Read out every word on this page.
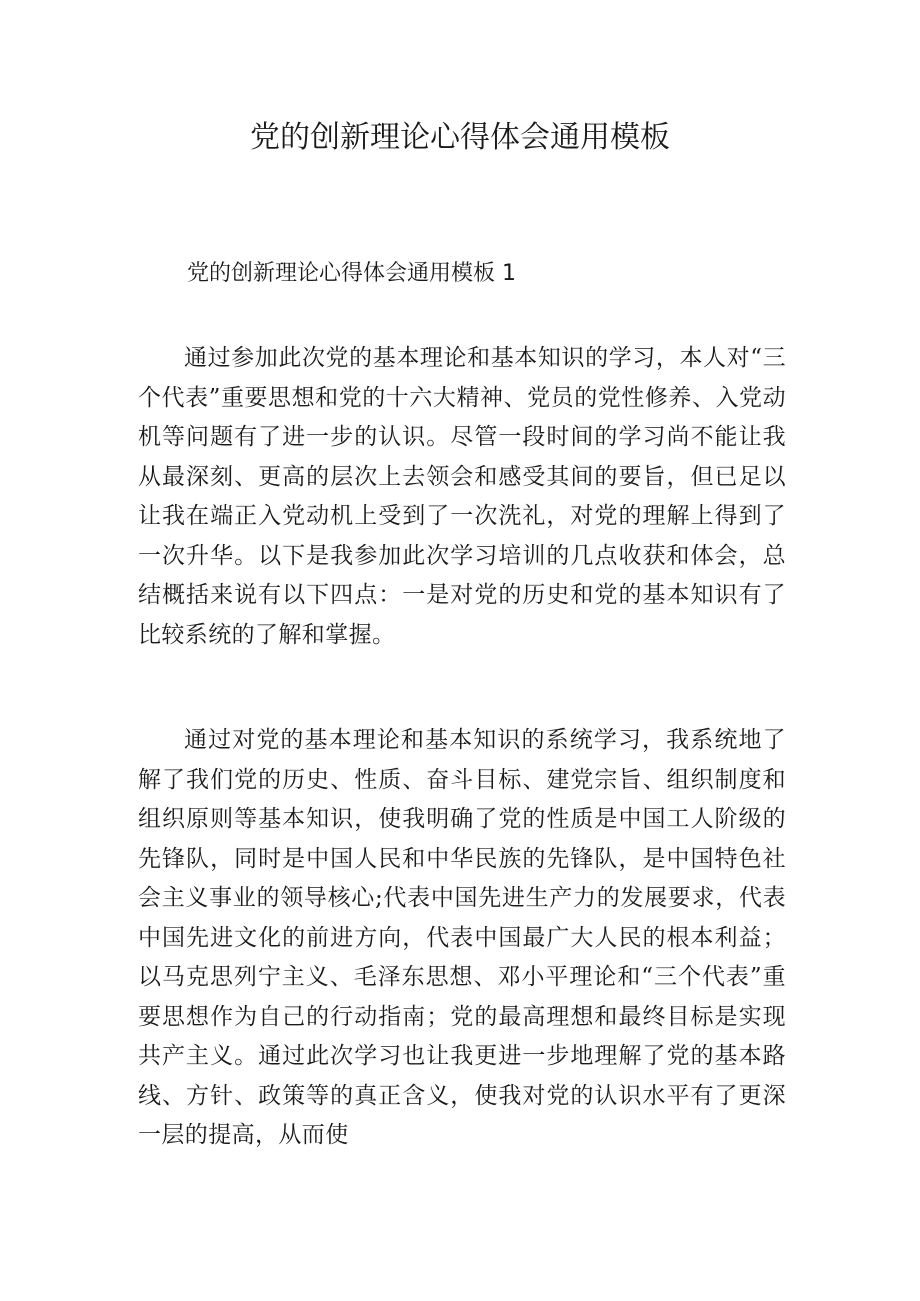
党的创新理论心得体会通用模板

党的创新理论心得体会通用模板 1

通过参加此次党的基本理论和基本知识的学习，本人对“三个代表”重要思想和党的十六大精神、党员的党性修养、入党动机等问题有了进一步的认识。尽管一段时间的学习尚不能让我从最深刻、更高的层次上去领会和感受其间的要旨，但已足以让我在端正入党动机上受到了一次洗礼，对党的理解上得到了一次升华。以下是我参加此次学习培训的几点收获和体会，总结概括来说有以下四点：一是对党的历史和党的基本知识有了比较系统的了解和掌握。

通过对党的基本理论和基本知识的系统学习，我系统地了解了我们党的历史、性质、奋斗目标、建党宗旨、组织制度和组织原则等基本知识，使我明确了党的性质是中国工人阶级的先锋队，同时是中国人民和中华民族的先锋队，是中国特色社会主义事业的领导核心;代表中国先进生产力的发展要求，代表中国先进文化的前进方向，代表中国最广大人民的根本利益；以马克思列宁主义、毛泽东思想、邓小平理论和“三个代表”重要思想作为自己的行动指南；党的最高理想和最终目标是实现共产主义。通过此次学习也让我更进一步地理解了党的基本路线、方针、政策等的真正含义，使我对党的认识水平有了更深一层的提高，从而使
